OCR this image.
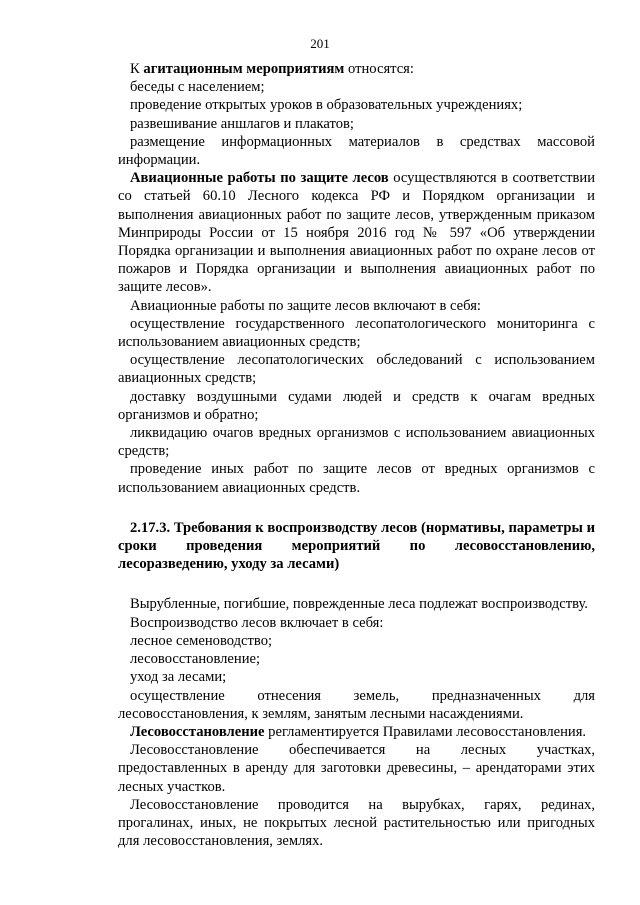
201

К агитационным мероприятиям относятся:

беседы с населением;

проведение открытых уроков в образовательных учреждениях;

развешивание аншлагов и плакатов;

размещение информационных материалов в средствах массовой информации.

Авиационные работы по защите лесов осуществляются в соответствии со статьей 60.10 Лесного кодекса РФ и Порядком организации и выполнения авиационных работ по защите лесов, утвержденным приказом Минприроды России от 15 ноября 2016 год № 597 «Об утверждении Порядка организации и выполнения авиационных работ по охране лесов от пожаров и Порядка организации и выполнения авиационных работ по защите лесов».

Авиационные работы по защите лесов включают в себя:

осуществление государственного лесопатологического мониторинга с использованием авиационных средств;

осуществление лесопатологических обследований с использованием авиационных средств;

доставку воздушными судами людей и средств к очагам вредных организмов и обратно;

ликвидацию очагов вредных организмов с использованием авиационных средств;

проведение иных работ по защите лесов от вредных организмов с использованием авиационных средств.

2.17.3. Требования к воспроизводству лесов (нормативы, параметры и сроки проведения мероприятий по лесовосстановлению, лесоразведению, уходу за лесами)

Вырубленные, погибшие, поврежденные леса подлежат воспроизводству.

Воспроизводство лесов включает в себя:

лесное семеноводство;

лесовосстановление;

уход за лесами;

осуществление отнесения земель, предназначенных для лесовосстановления, к землям, занятым лесными насаждениями.

Лесовосстановление регламентируется Правилами лесовосстановления.

Лесовосстановление обеспечивается на лесных участках, предоставленных в аренду для заготовки древесины, – арендаторами этих лесных участков.

Лесовосстановление проводится на вырубках, гарях, рединах, прогалинах, иных, не покрытых лесной растительностью или пригодных для лесовосстановления, землях.
